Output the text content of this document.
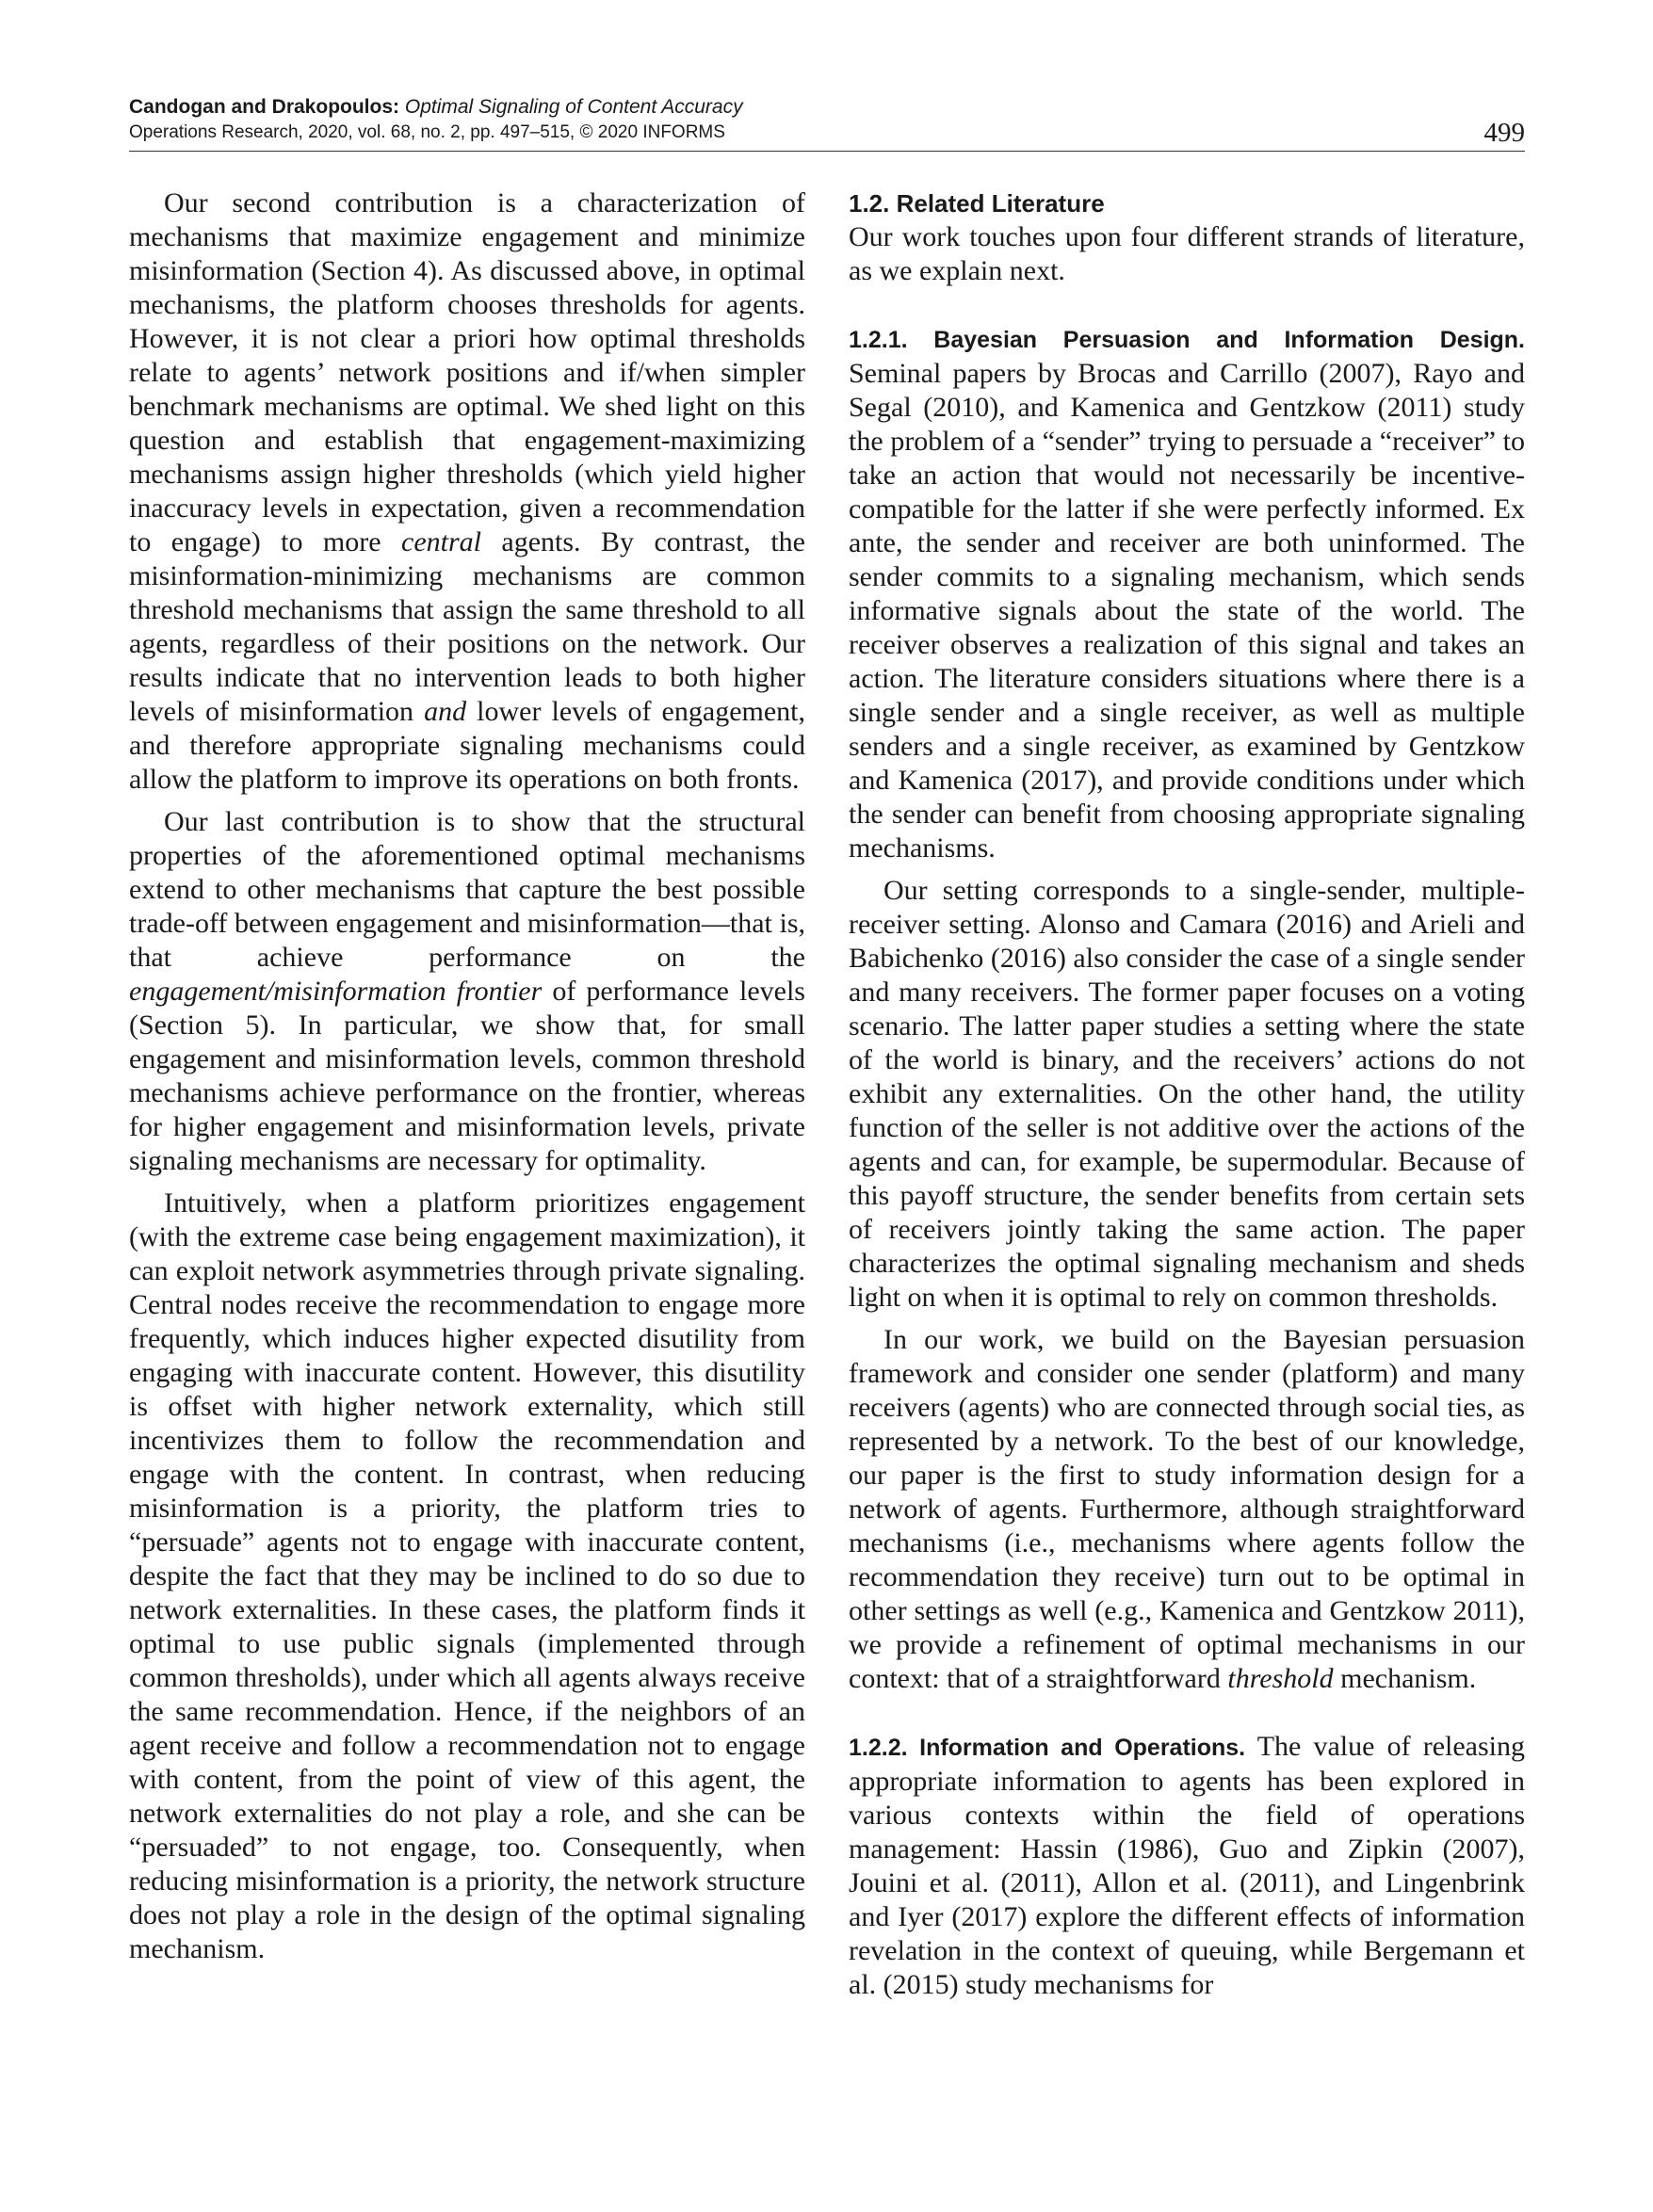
Candogan and Drakopoulos: Optimal Signaling of Content Accuracy
Operations Research, 2020, vol. 68, no. 2, pp. 497–515, © 2020 INFORMS	499

Our second contribution is a characterization of mechanisms that maximize engagement and minimize misinformation (Section 4). As discussed above, in optimal mechanisms, the platform chooses thresholds for agents. However, it is not clear a priori how optimal thresholds relate to agents’ network positions and if/when simpler benchmark mechanisms are optimal. We shed light on this question and establish that engagement-maximizing mechanisms assign higher thresholds (which yield higher inaccuracy levels in expectation, given a recommendation to engage) to more central agents. By contrast, the misinformation-minimizing mechanisms are common threshold mechanisms that assign the same threshold to all agents, regardless of their positions on the network. Our results indicate that no intervention leads to both higher levels of misinformation and lower levels of engagement, and therefore appropriate signaling mechanisms could allow the platform to improve its operations on both fronts.

Our last contribution is to show that the structural properties of the aforementioned optimal mechanisms extend to other mechanisms that capture the best possible trade-off between engagement and misinformation—that is, that achieve performance on the engagement/misinformation frontier of performance levels (Section 5). In particular, we show that, for small engagement and misinformation levels, common threshold mechanisms achieve performance on the frontier, whereas for higher engagement and misinformation levels, private signaling mechanisms are necessary for optimality.

Intuitively, when a platform prioritizes engagement (with the extreme case being engagement maximization), it can exploit network asymmetries through private signaling. Central nodes receive the recommendation to engage more frequently, which induces higher expected disutility from engaging with inaccurate content. However, this disutility is offset with higher network externality, which still incentivizes them to follow the recommendation and engage with the content. In contrast, when reducing misinformation is a priority, the platform tries to “persuade” agents not to engage with inaccurate content, despite the fact that they may be inclined to do so due to network externalities. In these cases, the platform finds it optimal to use public signals (implemented through common thresholds), under which all agents always receive the same recommendation. Hence, if the neighbors of an agent receive and follow a recommendation not to engage with content, from the point of view of this agent, the network externalities do not play a role, and she can be “persuaded” to not engage, too. Consequently, when reducing misinformation is a priority, the network structure does not play a role in the design of the optimal signaling mechanism.

1.2. Related Literature

Our work touches upon four different strands of literature, as we explain next.

1.2.1. Bayesian Persuasion and Information Design. Seminal papers by Brocas and Carrillo (2007), Rayo and Segal (2010), and Kamenica and Gentzkow (2011) study the problem of a “sender” trying to persuade a “receiver” to take an action that would not necessarily be incentive-compatible for the latter if she were perfectly informed. Ex ante, the sender and receiver are both uninformed. The sender commits to a signaling mechanism, which sends informative signals about the state of the world. The receiver observes a realization of this signal and takes an action. The literature considers situations where there is a single sender and a single receiver, as well as multiple senders and a single receiver, as examined by Gentzkow and Kamenica (2017), and provide conditions under which the sender can benefit from choosing appropriate signaling mechanisms.

Our setting corresponds to a single-sender, multiple-receiver setting. Alonso and Camara (2016) and Arieli and Babichenko (2016) also consider the case of a single sender and many receivers. The former paper focuses on a voting scenario. The latter paper studies a setting where the state of the world is binary, and the receivers’ actions do not exhibit any externalities. On the other hand, the utility function of the seller is not additive over the actions of the agents and can, for example, be supermodular. Because of this payoff structure, the sender benefits from certain sets of receivers jointly taking the same action. The paper characterizes the optimal signaling mechanism and sheds light on when it is optimal to rely on common thresholds.

In our work, we build on the Bayesian persuasion framework and consider one sender (platform) and many receivers (agents) who are connected through social ties, as represented by a network. To the best of our knowledge, our paper is the first to study information design for a network of agents. Furthermore, although straightforward mechanisms (i.e., mechanisms where agents follow the recommendation they receive) turn out to be optimal in other settings as well (e.g., Kamenica and Gentzkow 2011), we provide a refinement of optimal mechanisms in our context: that of a straightforward threshold mechanism.

1.2.2. Information and Operations. The value of releasing appropriate information to agents has been explored in various contexts within the field of operations management: Hassin (1986), Guo and Zipkin (2007), Jouini et al. (2011), Allon et al. (2011), and Lingenbrink and Iyer (2017) explore the different effects of information revelation in the context of queuing, while Bergemann et al. (2015) study mechanisms for
